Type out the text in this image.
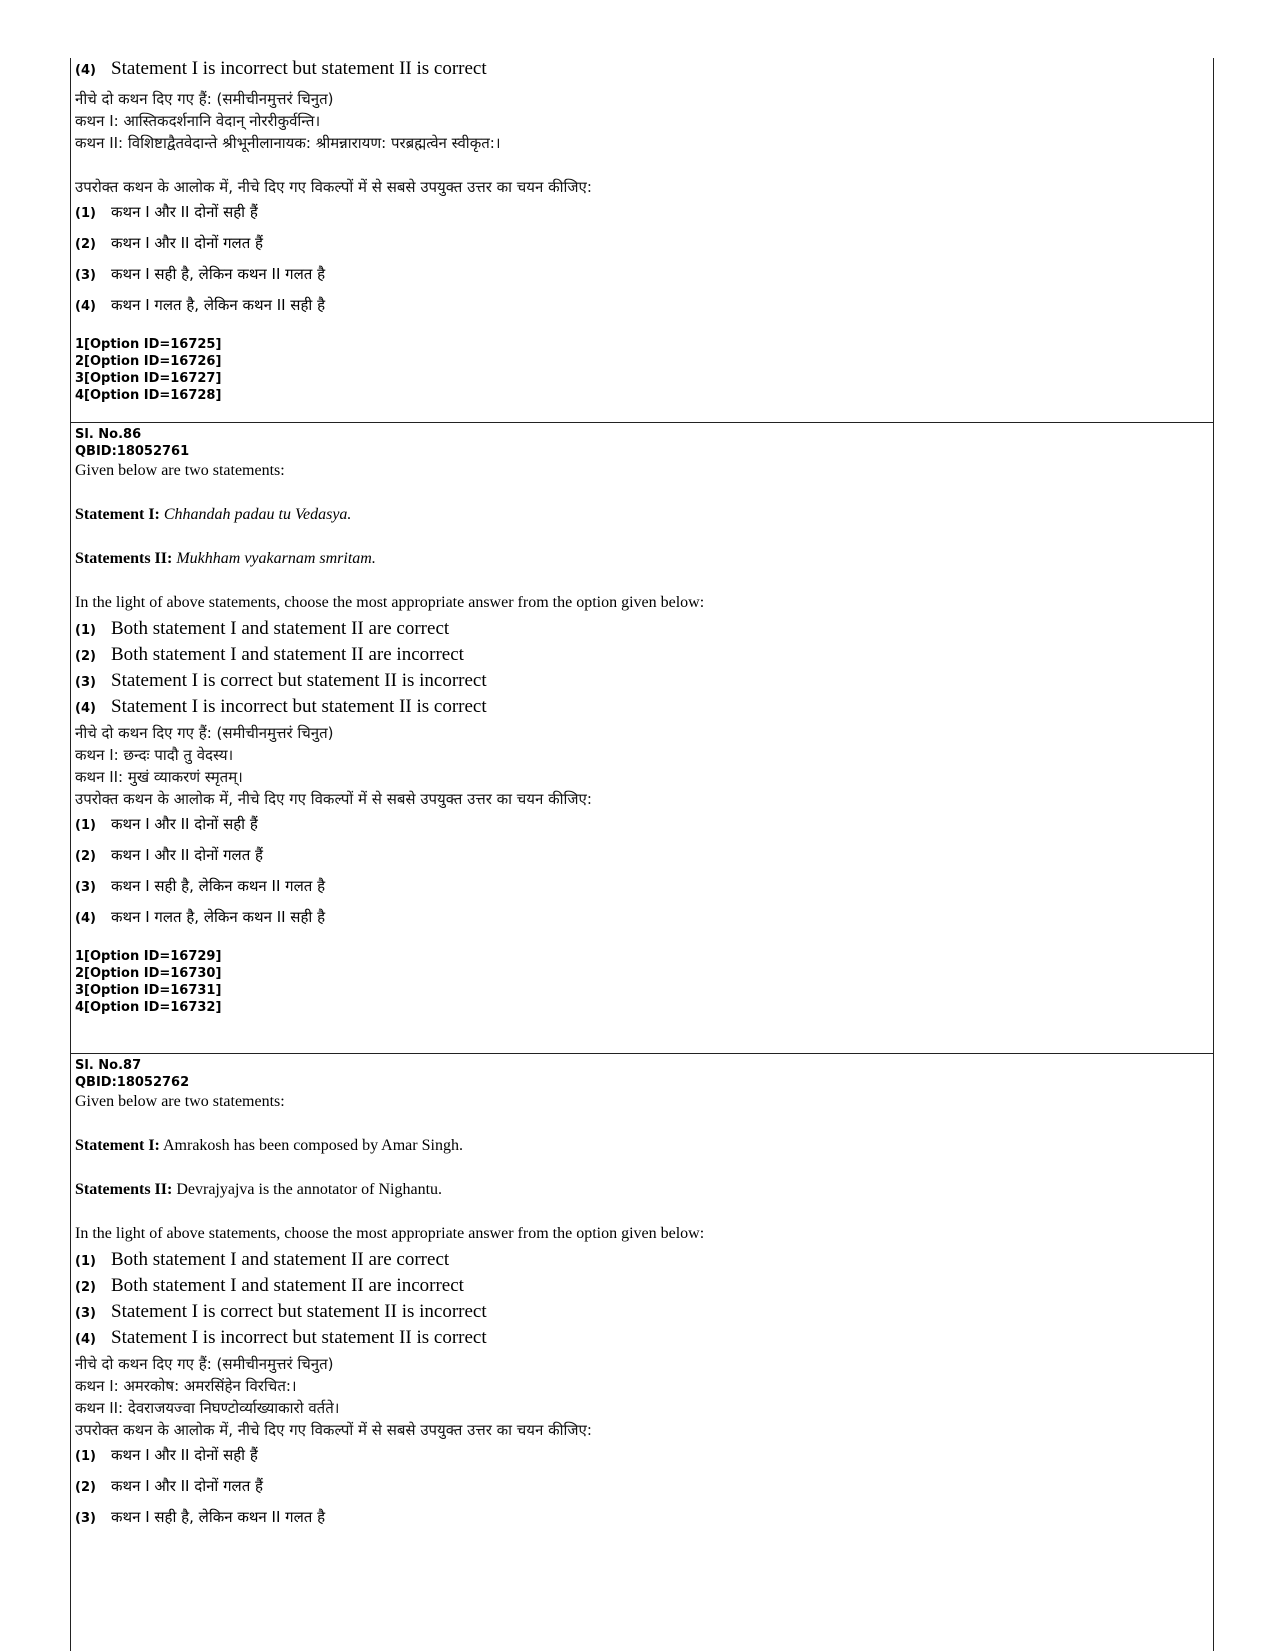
(4) Statement I is incorrect but statement II is correct
नीचे दो कथन दिए गए हैं: (समीचीनमुत्तरं चिनुत)
कथन I: आस्तिकदर्शनानि वेदान् नोररीकुर्वन्ति।
कथन II: विशिष्टाद्वैतवेदान्ते श्रीभूनीलानायक: श्रीमन्नारायण: परब्रह्मत्वेन स्वीकृत:।
उपरोक्त कथन के आलोक में, नीचे दिए गए विकल्पों में से सबसे उपयुक्त उत्तर का चयन कीजिए:
(1)	कथन I और II दोनों सही हैं
(2)	कथन I और II दोनों गलत हैं
(3)	कथन I सही है, लेकिन कथन II गलत है
(4)	कथन I गलत है, लेकिन कथन II सही है
1[Option ID=16725]
2[Option ID=16726]
3[Option ID=16727]
4[Option ID=16728]
Sl. No.86
QBID:18052761
Given below are two statements:
Statement I: Chhandah padau tu Vedasya.
Statements II: Mukhham vyakarnam smritam.
In the light of above statements, choose the most appropriate answer from the option given below:
(1) Both statement I and statement II are correct
(2) Both statement I and statement II are incorrect
(3) Statement I is correct but statement II is incorrect
(4) Statement I is incorrect but statement II is correct
नीचे दो कथन दिए गए हैं: (समीचीनमुत्तरं चिनुत)
कथन I: छन्दः पादौ तु वेदस्य।
कथन II: मुखं व्याकरणं स्मृतम्।
उपरोक्त कथन के आलोक में, नीचे दिए गए विकल्पों में से सबसे उपयुक्त उत्तर का चयन कीजिए:
(1)	कथन I और II दोनों सही हैं
(2)	कथन I और II दोनों गलत हैं
(3)	कथन I सही है, लेकिन कथन II गलत है
(4)	कथन I गलत है, लेकिन कथन II सही है
1[Option ID=16729]
2[Option ID=16730]
3[Option ID=16731]
4[Option ID=16732]
Sl. No.87
QBID:18052762
Given below are two statements:
Statement I: Amrakosh has been composed by Amar Singh.
Statements II: Devrajyajva is the annotator of Nighantu.
In the light of above statements, choose the most appropriate answer from the option given below:
(1) Both statement I and statement II are correct
(2) Both statement I and statement II are incorrect
(3) Statement I is correct but statement II is incorrect
(4) Statement I is incorrect but statement II is correct
नीचे दो कथन दिए गए हैं: (समीचीनमुत्तरं चिनुत)
कथन I: अमरकोष: अमरसिंहेन विरचित:।
कथन II: देवराजयज्वा निघण्टोर्व्याख्याकारो वर्तते।
उपरोक्त कथन के आलोक में, नीचे दिए गए विकल्पों में से सबसे उपयुक्त उत्तर का चयन कीजिए:
(1)	कथन I और II दोनों सही हैं
(2)	कथन I और II दोनों गलत हैं
(3)	कथन I सही है, लेकिन कथन II गलत है
